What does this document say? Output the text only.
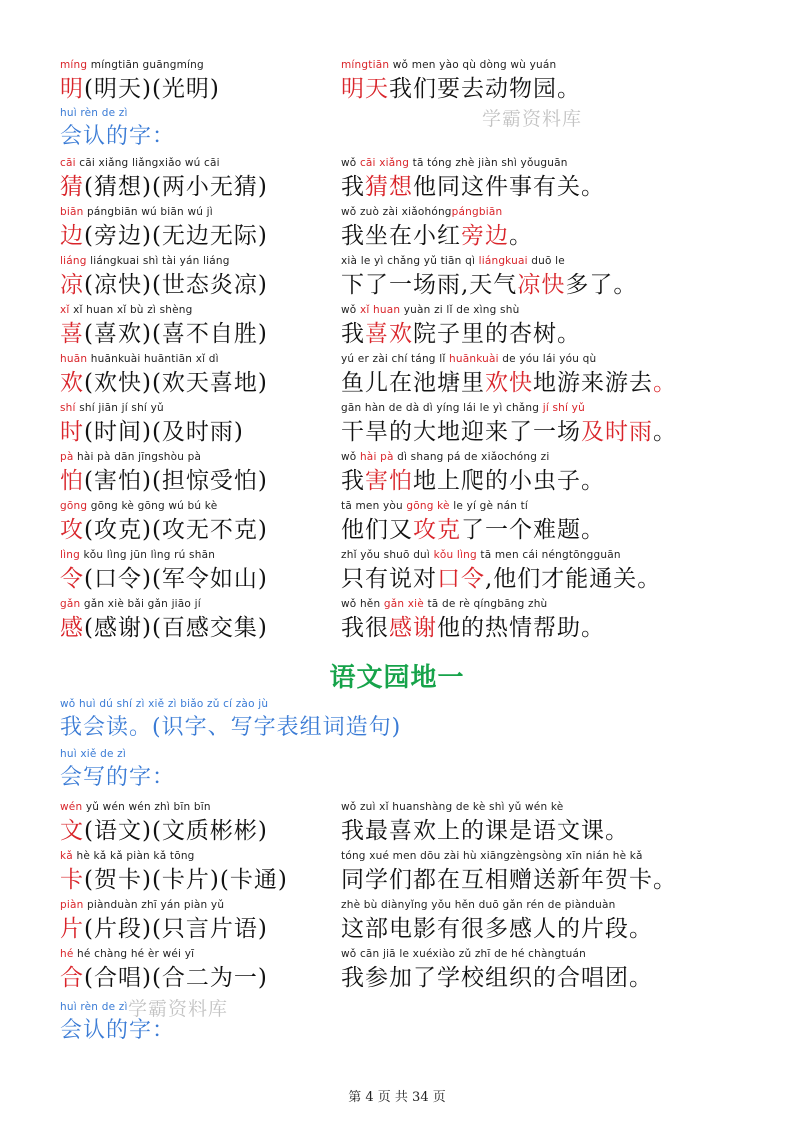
míng míngtiān guāngmíng
明(明天)(光明)
míngtiān wǒ men yào qù dòng wù yuán
明天我们要去动物园。
huì rèn de zì
会认的字：
cāi cāi xiǎng liǎngxiǎo wú cāi
猜(猜想)(两小无猜)
wǒ cāi xiǎng tā tóng zhè jiàn shì yǒuguān
我猜想他同这件事有关。
biān pángbiān wú biān wú jì
边(旁边)(无边无际)
wǒ zuò zài xiǎohóngpángbiān
我坐在小红旁边。
liáng liángkuai shì tài yán liáng
凉(凉快)(世态炎凉)
xià le yì chǎng yǔ tiān qì liángkuai duō le
下了一场雨,天气凉快多了。
xǐ xǐ huan xǐ bù zì shèng
喜(喜欢)(喜不自胜)
wǒ xǐ huan yuàn zi lǐ de xìng shù
我喜欢院子里的杏树。
huān huānkuài huāntiān xǐ dì
欢(欢快)(欢天喜地)
yú er zài chí táng lǐ huānkuài de yóu lái yóu qù
鱼儿在池塘里欢快地游来游去。
shí shí jiān jí shí yǔ
时(时间)(及时雨)
gān hàn de dà dì yíng lái le yì chǎng jí shí yǔ
干旱的大地迎来了一场及时雨。
pà hài pà dān jīngshòu pà
怕(害怕)(担惊受怕)
wǒ hài pà dì shang pá de xiǎochóng zi
我害怕地上爬的小虫子。
gōng gōng kè gōng wú bú kè
攻(攻克)(攻无不克)
tā men yòu gōng kè le yí gè nán tí
他们又攻克了一个难题。
lìng kǒu lìng jūn lìng rú shān
令(口令)(军令如山)
zhǐ yǒu shuō duì kǒu lìng tā men cái néngtōngguān
只有说对口令,他们才能通关。
gǎn gǎn xiè bǎi gǎn jiāo jí
感(感谢)(百感交集)
wǒ hěn gǎn xiè tā de rè qíngbāng zhù
我很感谢他的热情帮助。
语文园地一
wǒ huì dú shí zì xiě zì biǎo zǔ cí zào jù
我会读。(识字、写字表组词造句)
huì xiě de zì
会写的字：
wén yǔ wén wén zhì bīn bīn
文(语文)(文质彬彬)
wǒ zuì xǐ huanshàng de kè shì yǔ wén kè
我最喜欢上的课是语文课。
kǎ hè kǎ kǎ piàn kǎ tōng
卡(贺卡)(卡片)(卡通)
tóng xué men dōu zài hù xiāngzèngsòng xīn nián hè kǎ
同学们都在互相赠送新年贺卡。
piàn piànduàn zhī yán piàn yǔ
片(片段)(只言片语)
zhè bù diànyǐng yǒu hěn duō gǎn rén de piànduàn
这部电影有很多感人的片段。
hé hé chàng hé èr wéi yī
合(合唱)(合二为一)
wǒ cān jiā le xuéxiào zǔ zhī de hé chàngtuán
我参加了学校组织的合唱团。
huì rèn de zì
会认的字：
学霸资料库
学霸资料库
第 4 页 共 34 页
